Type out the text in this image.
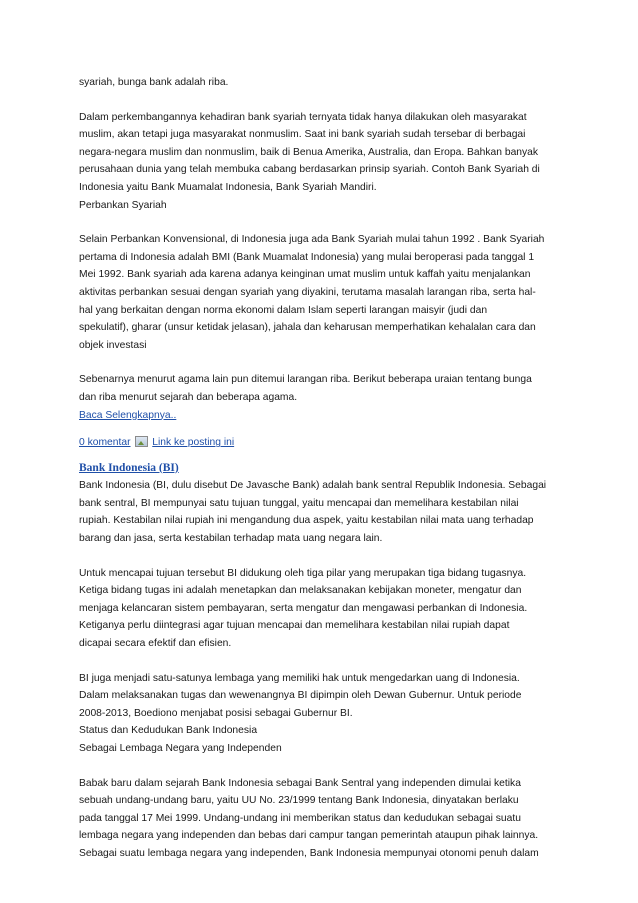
syariah, bunga bank adalah riba.
Dalam perkembangannya kehadiran bank syariah ternyata tidak hanya dilakukan oleh masyarakat
muslim, akan tetapi juga masyarakat nonmuslim. Saat ini bank syariah sudah tersebar di berbagai
negara-negara muslim dan nonmuslim, baik di Benua Amerika, Australia, dan Eropa. Bahkan banyak
perusahaan dunia yang telah membuka cabang berdasarkan prinsip syariah. Contoh Bank Syariah di
Indonesia yaitu Bank Muamalat Indonesia, Bank Syariah Mandiri.
Perbankan Syariah
Selain Perbankan Konvensional, di Indonesia juga ada Bank Syariah mulai tahun 1992 . Bank Syariah
pertama di Indonesia adalah BMI (Bank Muamalat Indonesia) yang mulai beroperasi pada tanggal 1
Mei 1992. Bank syariah ada karena adanya keinginan umat muslim untuk kaffah yaitu menjalankan
aktivitas perbankan sesuai dengan syariah yang diyakini, terutama masalah larangan riba, serta hal-
hal yang berkaitan dengan norma ekonomi dalam Islam seperti larangan maisyir (judi dan
spekulatif), gharar (unsur ketidak jelasan), jahala dan keharusan memperhatikan kehalalan cara dan
objek investasi
Sebenarnya menurut agama lain pun ditemui larangan riba. Berikut beberapa uraian tentang bunga
dan riba menurut sejarah dan beberapa agama.
Baca Selengkapnya..
0 komentar Link ke posting ini
Bank Indonesia (BI)
Bank Indonesia (BI, dulu disebut De Javasche Bank) adalah bank sentral Republik Indonesia. Sebagai
bank sentral, BI mempunyai satu tujuan tunggal, yaitu mencapai dan memelihara kestabilan nilai
rupiah. Kestabilan nilai rupiah ini mengandung dua aspek, yaitu kestabilan nilai mata uang terhadap
barang dan jasa, serta kestabilan terhadap mata uang negara lain.
Untuk mencapai tujuan tersebut BI didukung oleh tiga pilar yang merupakan tiga bidang tugasnya.
Ketiga bidang tugas ini adalah menetapkan dan melaksanakan kebijakan moneter, mengatur dan
menjaga kelancaran sistem pembayaran, serta mengatur dan mengawasi perbankan di Indonesia.
Ketiganya perlu diintegrasi agar tujuan mencapai dan memelihara kestabilan nilai rupiah dapat
dicapai secara efektif dan efisien.
BI juga menjadi satu-satunya lembaga yang memiliki hak untuk mengedarkan uang di Indonesia.
Dalam melaksanakan tugas dan wewenangnya BI dipimpin oleh Dewan Gubernur. Untuk periode
2008-2013, Boediono menjabat posisi sebagai Gubernur BI.
Status dan Kedudukan Bank Indonesia
Sebagai Lembaga Negara yang Independen
Babak baru dalam sejarah Bank Indonesia sebagai Bank Sentral yang independen dimulai ketika
sebuah undang-undang baru, yaitu UU No. 23/1999 tentang Bank Indonesia, dinyatakan berlaku
pada tanggal 17 Mei 1999. Undang-undang ini memberikan status dan kedudukan sebagai suatu
lembaga negara yang independen dan bebas dari campur tangan pemerintah ataupun pihak lainnya.
Sebagai suatu lembaga negara yang independen, Bank Indonesia mempunyai otonomi penuh dalam
